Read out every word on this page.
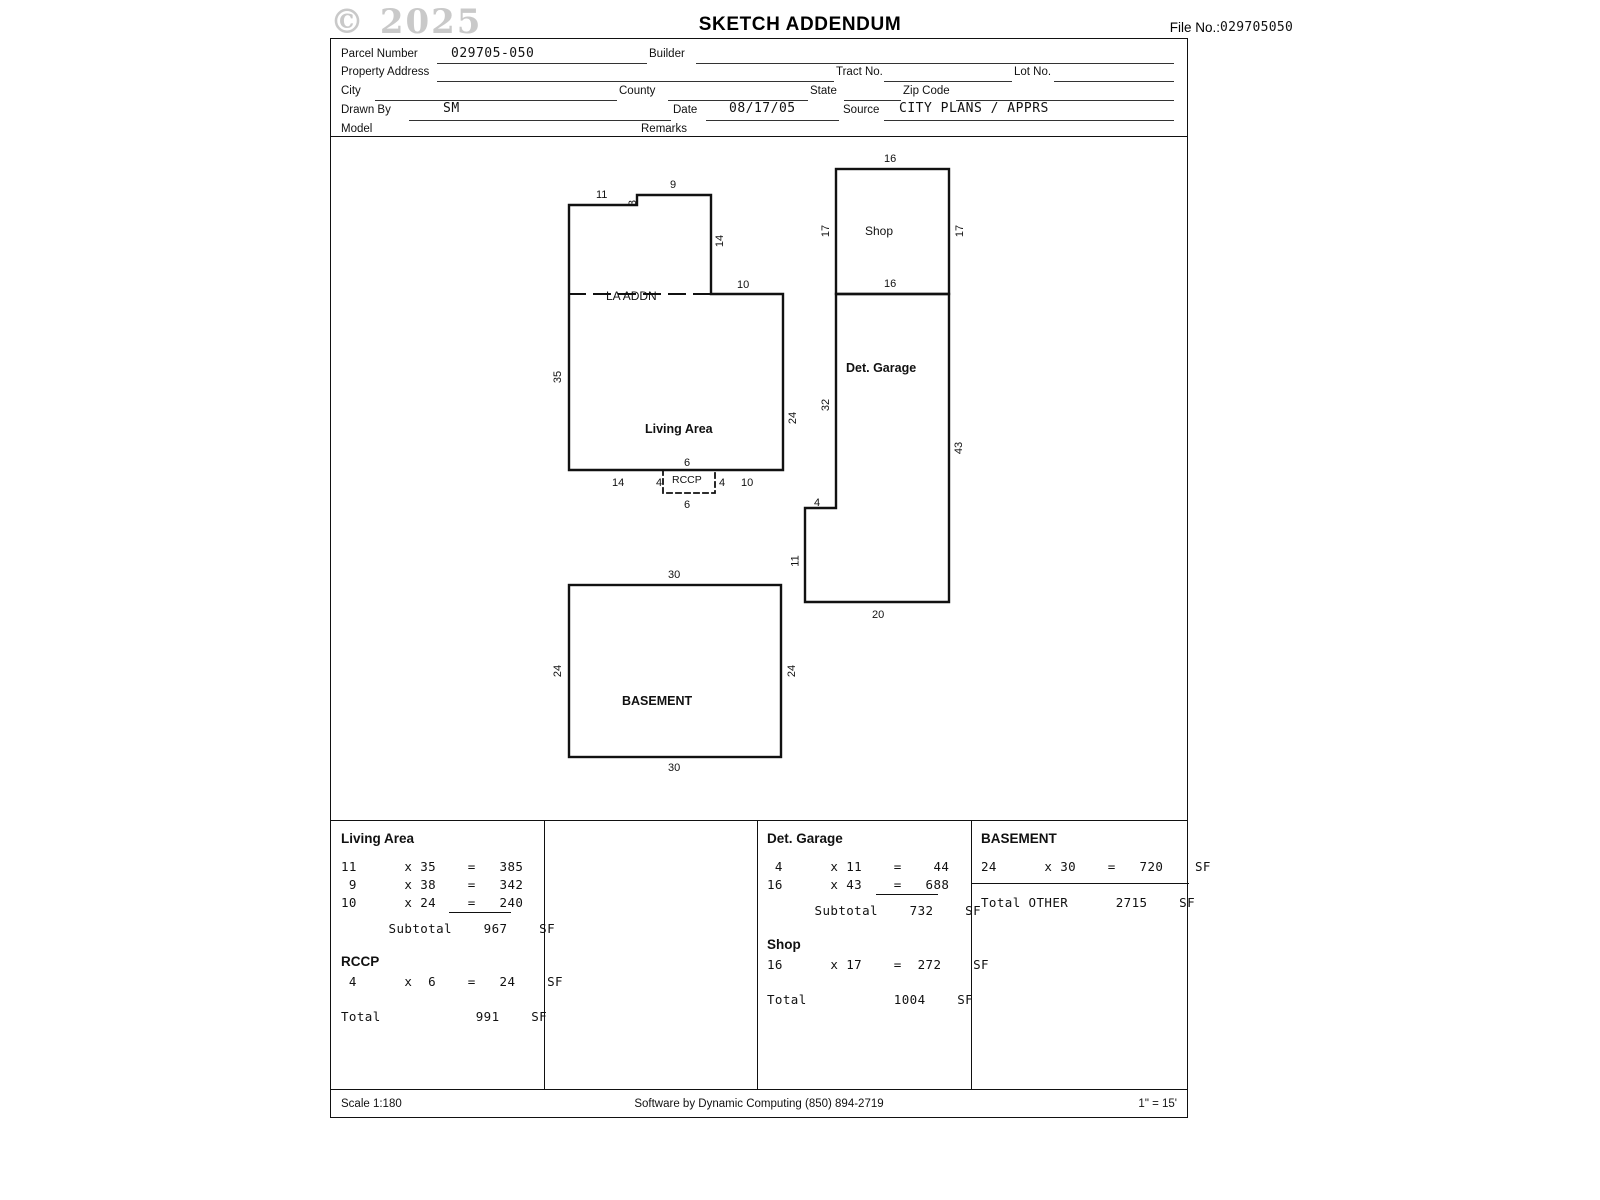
© 2025	SKETCH ADDENDUM	File No.: 029705050
Parcel Number	029705-050	Builder
Property Address	Tract No.	Lot No.
City	County	State	Zip Code
Drawn By	SM	Date 08/17/05	Source CITY PLANS / APPRS
Model	Remarks
LA ADDN
Living Area
RCCP
BASEMENT
Shop
Det. Garage
11
3
9
14
10
35
24
14	10
6
6
4	4
30
30
24	24
16
17	17
16
32
43
4
11
20
Living Area
11      x 35    =   385
9      x 38    =   342
10      x 24    =   240
Subtotal    967    SF
RCCP
4      x  6    =   24    SF
Total            991    SF
Det. Garage
4      x 11    =    44
16      x 43    =   688
Subtotal    732    SF
Shop
16      x 17    =  272    SF
Total           1004    SF
BASEMENT
24      x 30    =   720    SF
Total OTHER      2715    SF
Scale 1:180	Software by Dynamic Computing (850) 894-2719	1" = 15'
